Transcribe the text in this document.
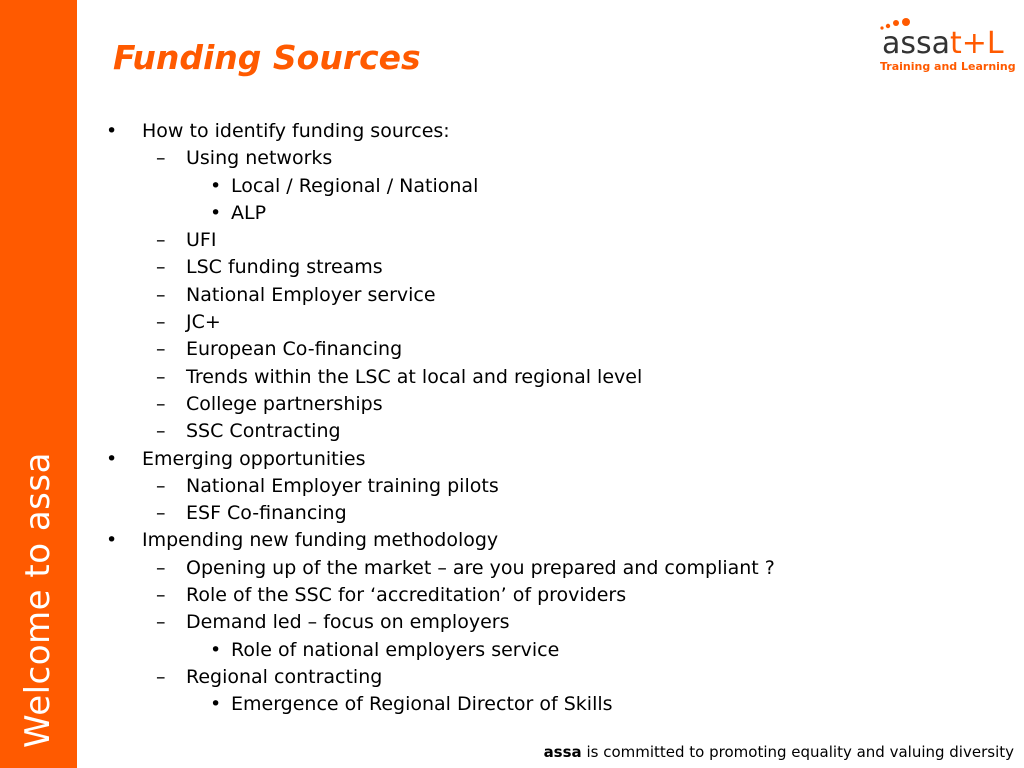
Welcome to assa
Funding Sources	assat+L
Training and Learning
• How to identify funding sources:
– Using networks
• Local / Regional / National
• ALP
– UFI
– LSC funding streams
– National Employer service
– JC+
– European Co-financing
– Trends within the LSC at local and regional level
– College partnerships
– SSC Contracting
• Emerging opportunities
– National Employer training pilots
– ESF Co-financing
• Impending new funding methodology
– Opening up of the market – are you prepared and compliant ?
– Role of the SSC for ‘accreditation’ of providers
– Demand led – focus on employers
• Role of national employers service
– Regional contracting
• Emergence of Regional Director of Skills
assa is committed to promoting equality and valuing diversity
